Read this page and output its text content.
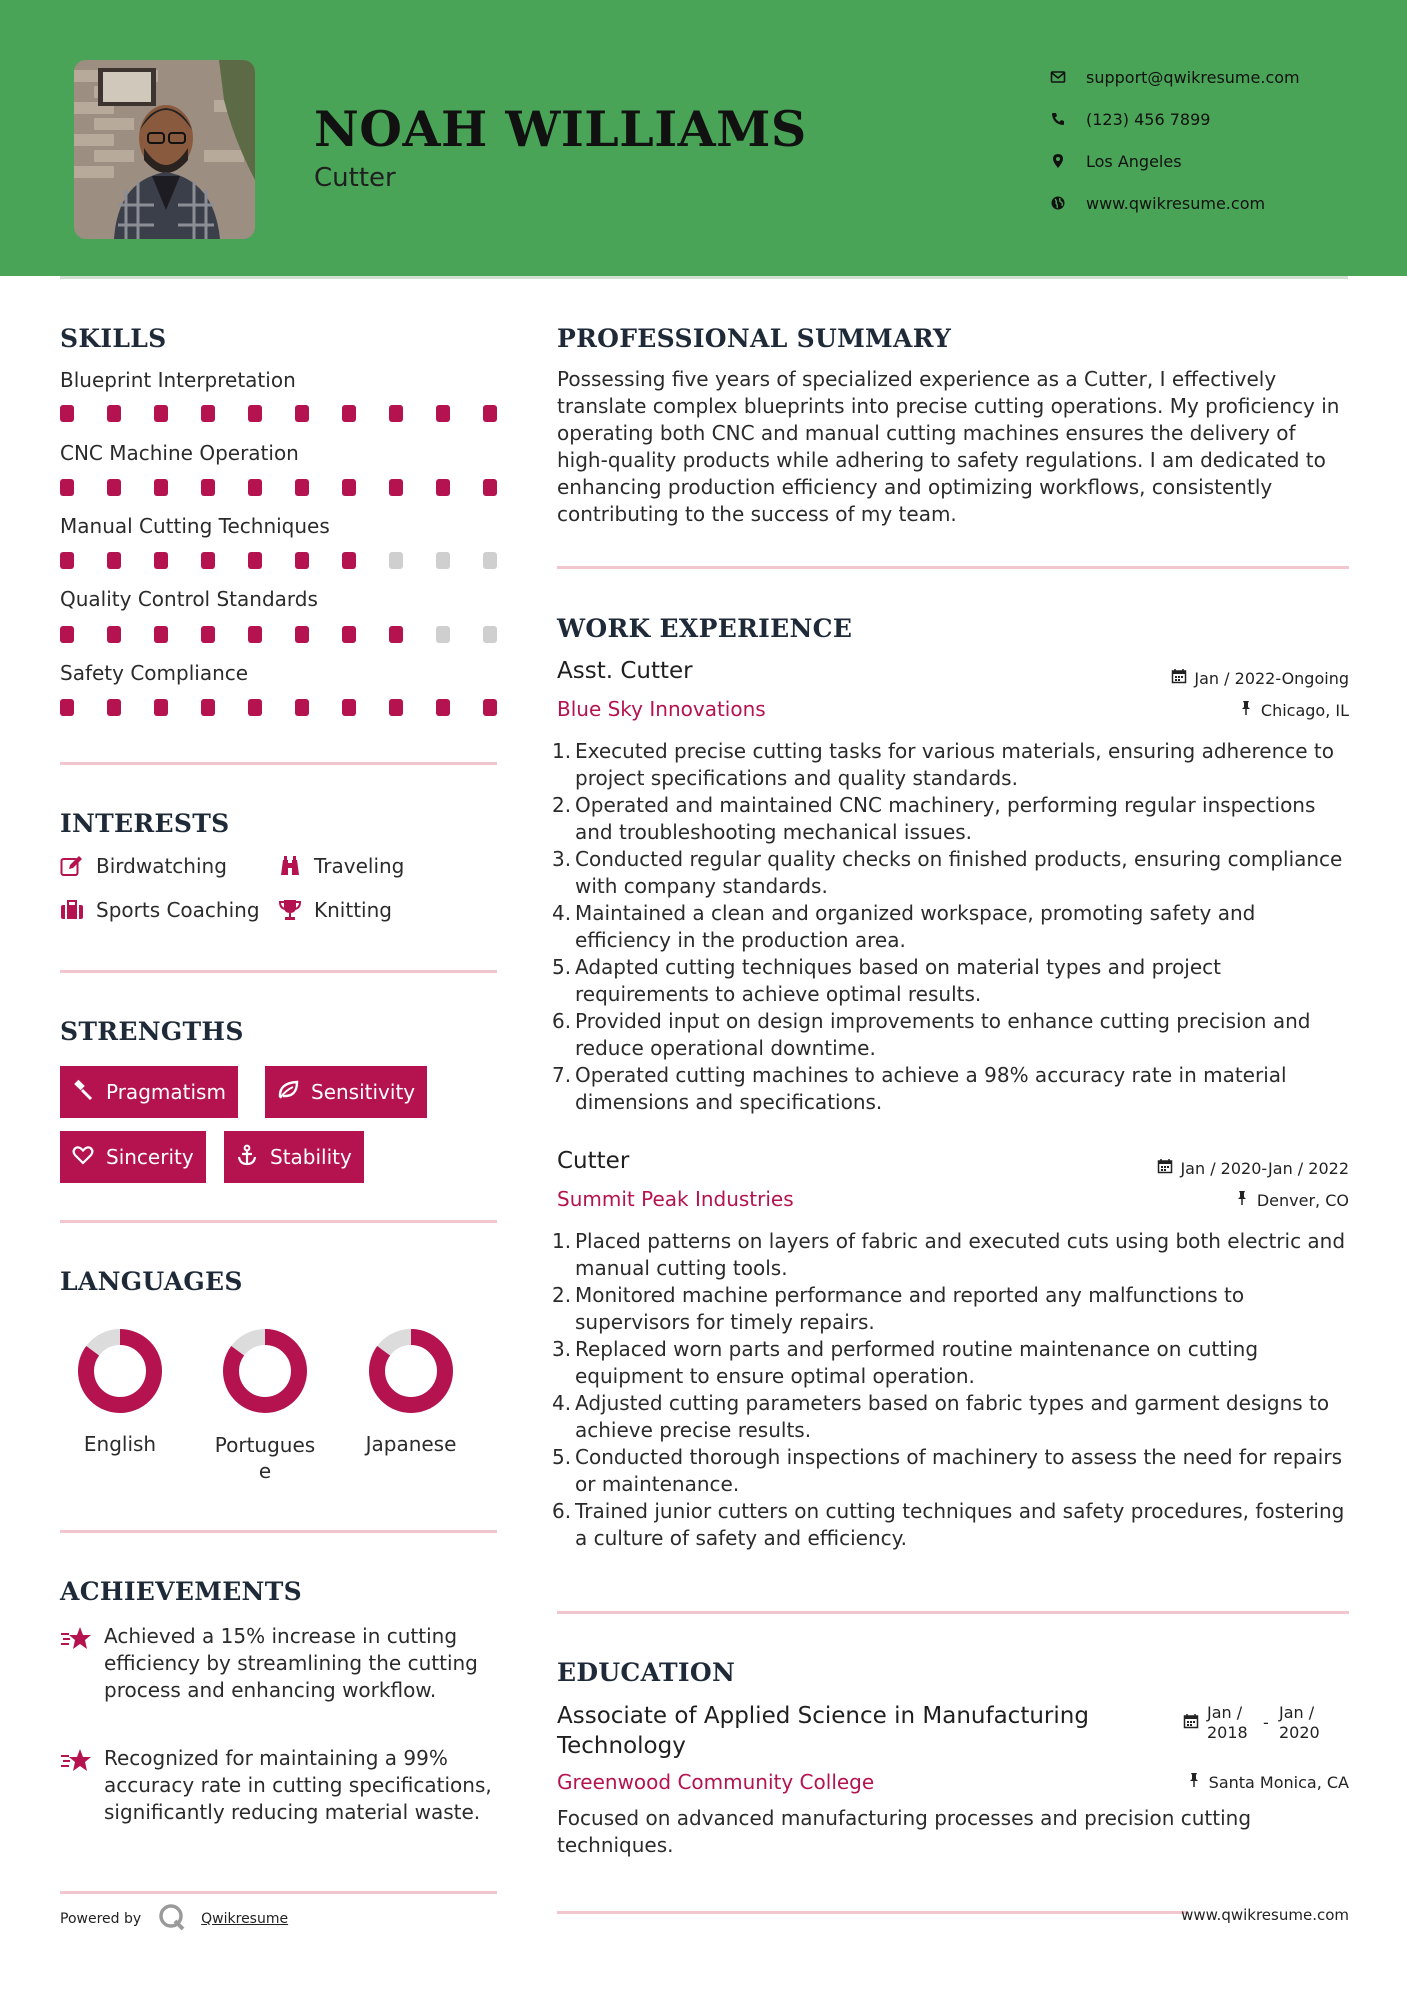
NOAH WILLIAMS
Cutter
support@qwikresume.com
(123) 456 7899
Los Angeles
www.qwikresume.com
SKILLS
Blueprint Interpretation
CNC Machine Operation
Manual Cutting Techniques
Quality Control Standards
Safety Compliance
INTERESTS
Birdwatching	Traveling
Sports Coaching	Knitting
STRENGTHS
Pragmatism	Sensitivity
Sincerity	Stability
LANGUAGES
English	Portugues
e
Japanese
ACHIEVEMENTS
Achieved a 15% increase in cutting efficiency by streamlining the cutting process and enhancing workflow.
Recognized for maintaining a 99% accuracy rate in cutting specifications, significantly reducing material waste.
Powered by	Qwikresume
PROFESSIONAL SUMMARY
Possessing five years of specialized experience as a Cutter, I effectively translate complex blueprints into precise cutting operations. My proficiency in operating both CNC and manual cutting machines ensures the delivery of high-quality products while adhering to safety regulations. I am dedicated to enhancing production efficiency and optimizing workflows, consistently contributing to the success of my team.
WORK EXPERIENCE
Asst. Cutter	Jan / 2022-Ongoing
Blue Sky Innovations	Chicago, IL
1. Executed precise cutting tasks for various materials, ensuring adherence to project specifications and quality standards.
2. Operated and maintained CNC machinery, performing regular inspections and troubleshooting mechanical issues.
3. Conducted regular quality checks on finished products, ensuring compliance with company standards.
4. Maintained a clean and organized workspace, promoting safety and efficiency in the production area.
5. Adapted cutting techniques based on material types and project requirements to achieve optimal results.
6. Provided input on design improvements to enhance cutting precision and reduce operational downtime.
7. Operated cutting machines to achieve a 98% accuracy rate in material dimensions and specifications.
Cutter	Jan / 2020-Jan / 2022
Summit Peak Industries	Denver, CO
1. Placed patterns on layers of fabric and executed cuts using both electric and manual cutting tools.
2. Monitored machine performance and reported any malfunctions to supervisors for timely repairs.
3. Replaced worn parts and performed routine maintenance on cutting equipment to ensure optimal operation.
4. Adjusted cutting parameters based on fabric types and garment designs to achieve precise results.
5. Conducted thorough inspections of machinery to assess the need for repairs or maintenance.
6. Trained junior cutters on cutting techniques and safety procedures, fostering a culture of safety and efficiency.
EDUCATION
Associate of Applied Science in Manufacturing Technology
Jan / 2018
-
Jan / 2020
Greenwood Community College	Santa Monica, CA
Focused on advanced manufacturing processes and precision cutting techniques.
www.qwikresume.com
